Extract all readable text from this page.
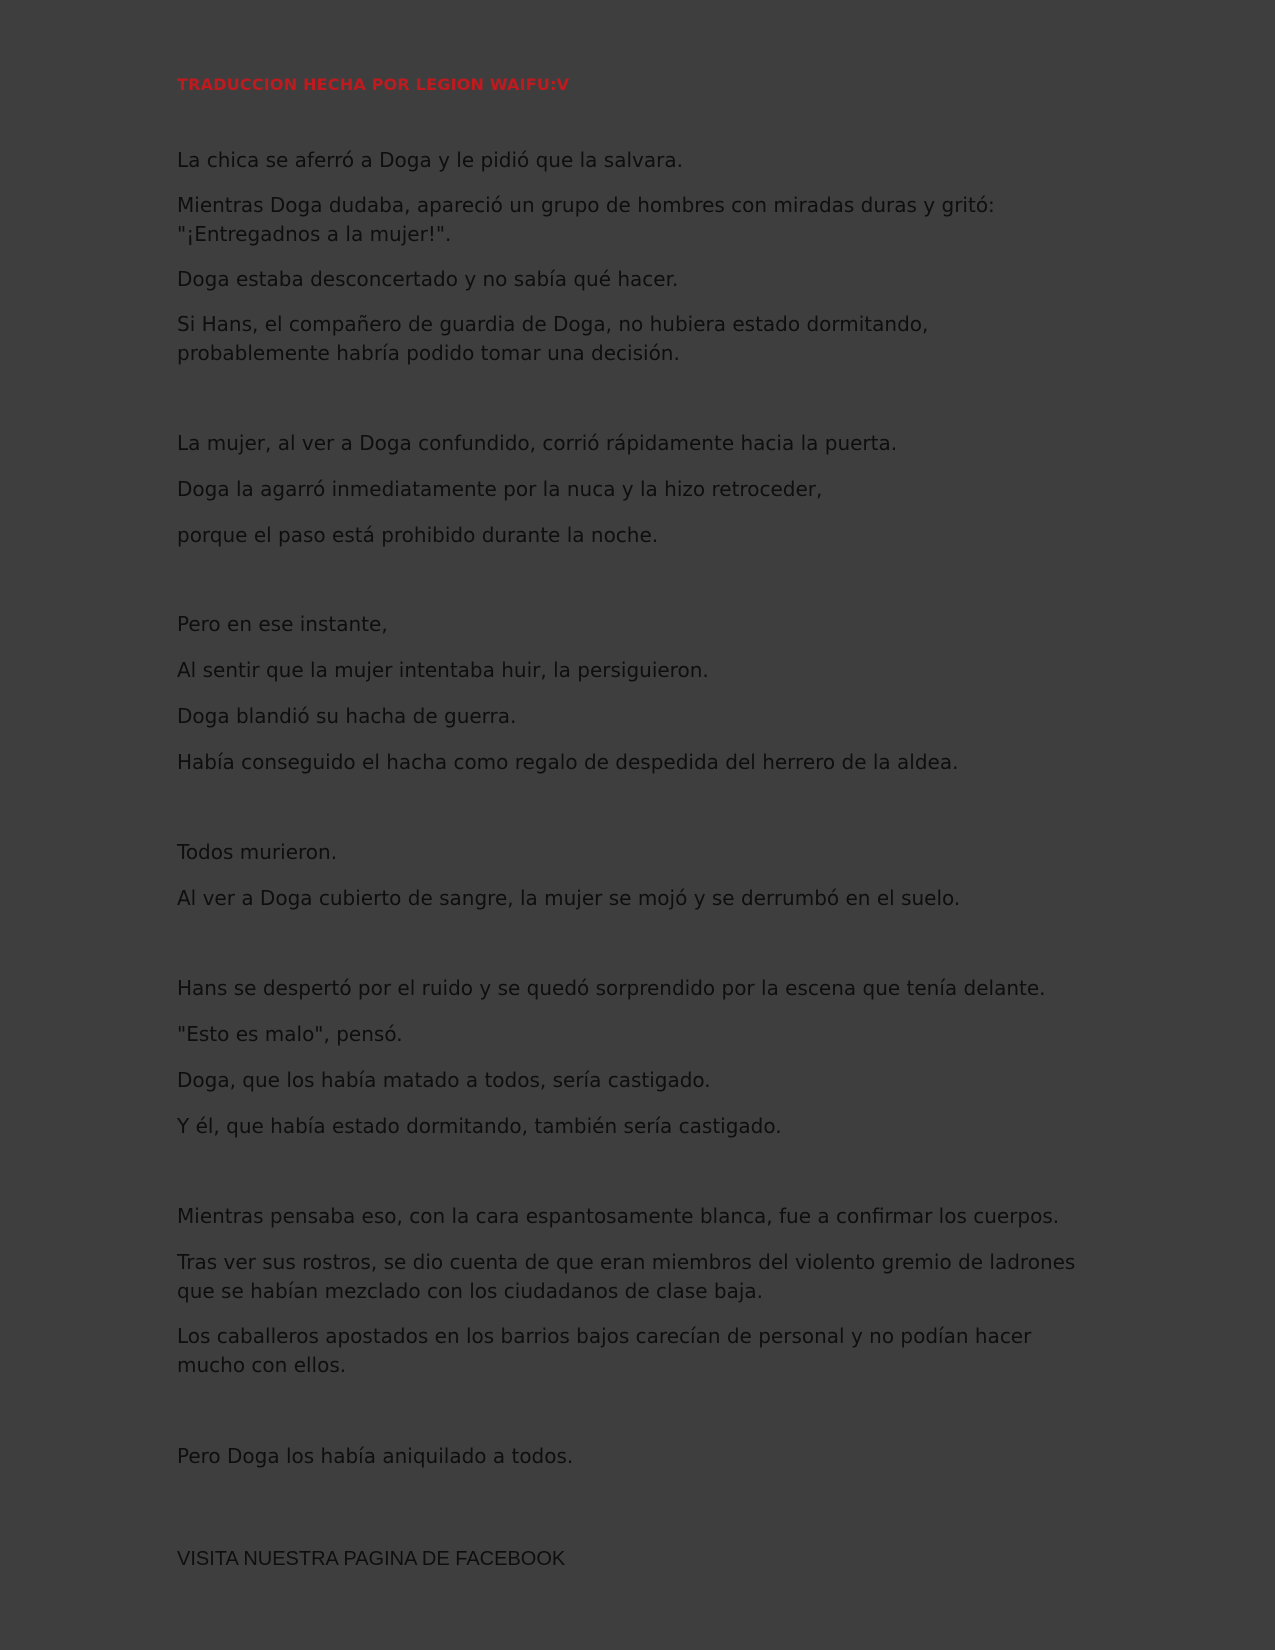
TRADUCCION HECHA POR LEGION WAIFU:V

La chica se aferró a Doga y le pidió que la salvara.

Mientras Doga dudaba, apareció un grupo de hombres con miradas duras y gritó:
"¡Entregadnos a la mujer!".

Doga estaba desconcertado y no sabía qué hacer.

Si Hans, el compañero de guardia de Doga, no hubiera estado dormitando,
probablemente habría podido tomar una decisión.

La mujer, al ver a Doga confundido, corrió rápidamente hacia la puerta.

Doga la agarró inmediatamente por la nuca y la hizo retroceder,

porque el paso está prohibido durante la noche.

Pero en ese instante,

Al sentir que la mujer intentaba huir, la persiguieron.

Doga blandió su hacha de guerra.

Había conseguido el hacha como regalo de despedida del herrero de la aldea.

Todos murieron.

Al ver a Doga cubierto de sangre, la mujer se mojó y se derrumbó en el suelo.

Hans se despertó por el ruido y se quedó sorprendido por la escena que tenía delante.

"Esto es malo", pensó.

Doga, que los había matado a todos, sería castigado.

Y él, que había estado dormitando, también sería castigado.

Mientras pensaba eso, con la cara espantosamente blanca, fue a confirmar los cuerpos.

Tras ver sus rostros, se dio cuenta de que eran miembros del violento gremio de ladrones
que se habían mezclado con los ciudadanos de clase baja.

Los caballeros apostados en los barrios bajos carecían de personal y no podían hacer
mucho con ellos.

Pero Doga los había aniquilado a todos.

VISITA NUESTRA PAGINA DE FACEBOOK
